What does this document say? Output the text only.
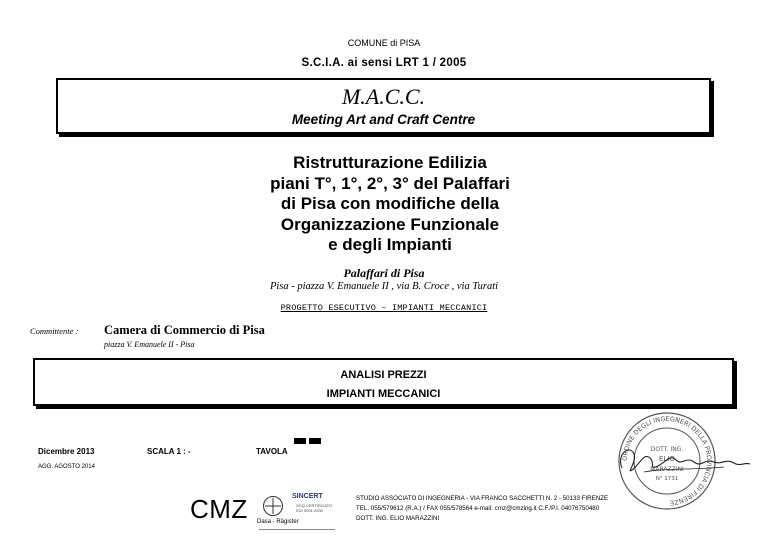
COMUNE di PISA
S.C.I.A. ai sensi LRT 1 / 2005
M.A.C.C.
Meeting Art and Craft Centre
Ristrutturazione Edilizia
piani T°, 1°, 2°, 3° del Palaffari
di Pisa con modifiche della
Organizzazione Funzionale
e degli Impianti
Palaffari di Pisa
Pisa - piazza V. Emanuele II , via B. Croce , via Turati
PROGETTO ESECUTIVO – IMPIANTI MECCANICI
Committente : Camera di Commercio di Pisa
piazza V. Emanuele II - Pisa
ANALISI PREZZI
IMPIANTI MECCANICI
Dicembre 2013
AGG. AGOSTO 2014
SCALA 1 : -	TAVOLA
ORDINE DEGLI INGEGNERI DELLA PROVINCIA DI FIRENZE
DOTT. ING.
ELIO
MARAZZINI
N° 1731
CMZ Dasa - Rägister
SINCERT
SGQ CERTIFICATO ISO 9001:2000
STUDIO ASSOCIATO DI INGEGNERIA - VIA FRANCO SACCHETTI N. 2 - 50133 FIRENZE
TEL. 055/579612 (R.A.) / FAX 055/578564 e-mail: cmz@cmzing.it C.F./P.I. 04076750480
DOTT. ING. ELIO MARAZZINI
